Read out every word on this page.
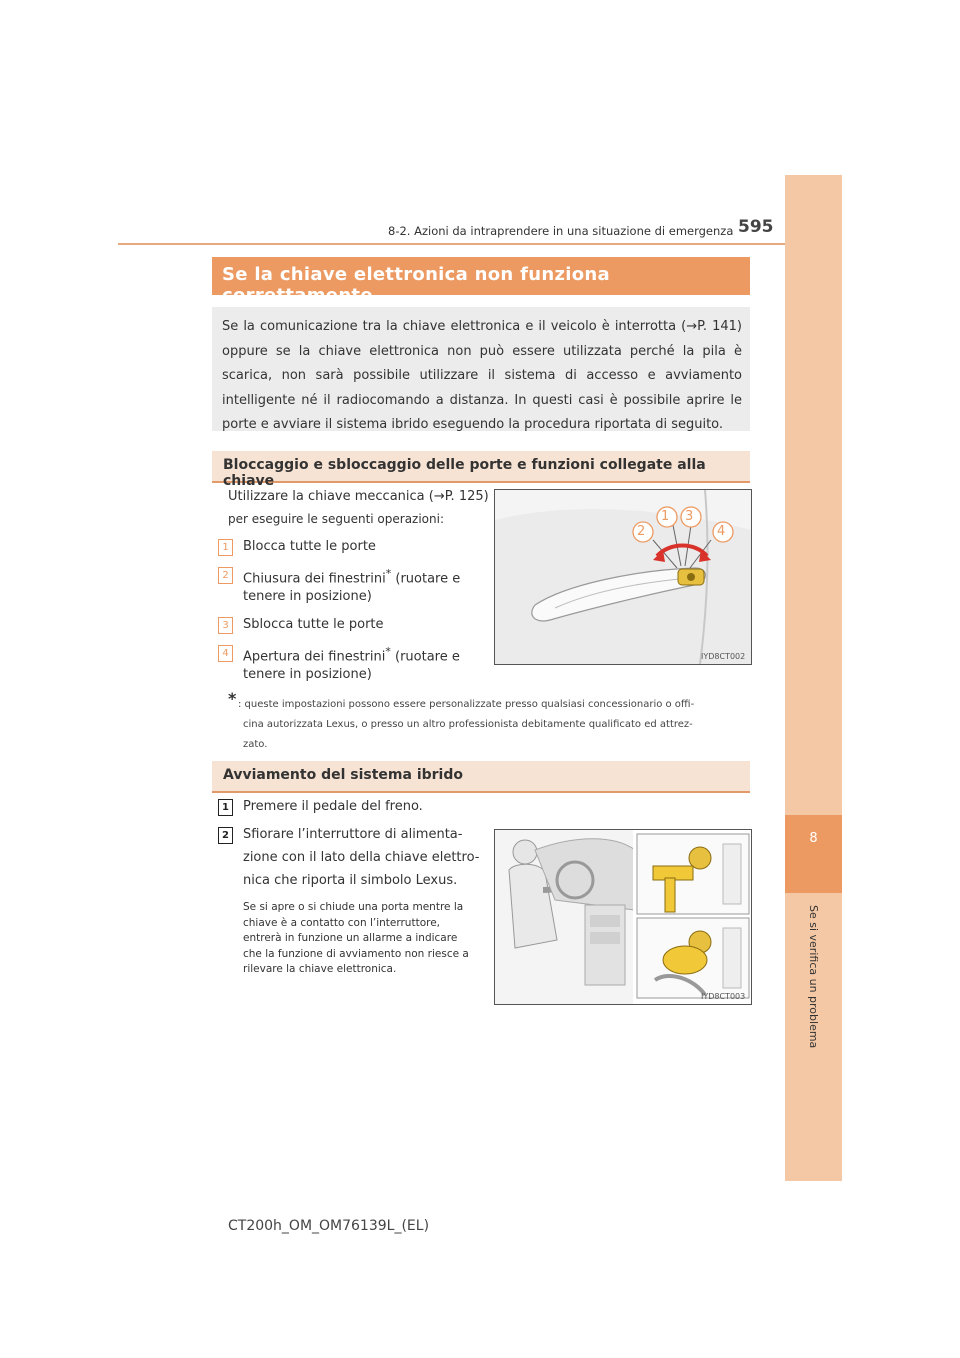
8
Se si verifica un problema
8-2. Azioni da intraprendere in una situazione di emergenza 595
Se la chiave elettronica non funziona correttamente

Se la comunicazione tra la chiave elettronica e il veicolo è interrotta (→P. 141) oppure se la chiave elettronica non può essere utilizzata perché la pila è scarica, non sarà possibile utilizzare il sistema di accesso e avviamento intelligente né il radiocomando a distanza. In questi casi è possibile aprire le porte e avviare il sistema ibrido eseguendo la procedura riportata di seguito.

Bloccaggio e sbloccaggio delle porte e funzioni collegate alla chiave
Utilizzare la chiave meccanica (→P. 125)
per eseguire le seguenti operazioni:
1	Blocca tutte le porte
2	Chiusura dei finestrini* (ruotare e
tenere in posizione)
3	Sblocca tutte le porte
4	Apertura dei finestrini* (ruotare e
tenere in posizione)
2
1 3
4
IYD8CT002
* : queste impostazioni possono essere personalizzate presso qualsiasi concessionario o offi-
cina autorizzata Lexus, o presso un altro professionista debitamente qualificato ed attrez-
zato.
Avviamento del sistema ibrido
1	Premere il pedale del freno.
2	Sfiorare l’interruttore di alimenta-
zione con il lato della chiave elettro-
nica che riporta il simbolo Lexus.
Se si apre o si chiude una porta mentre la
chiave è a contatto con l’interruttore,
entrerà in funzione un allarme a indicare
che la funzione di avviamento non riesce a
rilevare la chiave elettronica.
IYD8CT003
CT200h_OM_OM76139L_(EL)
